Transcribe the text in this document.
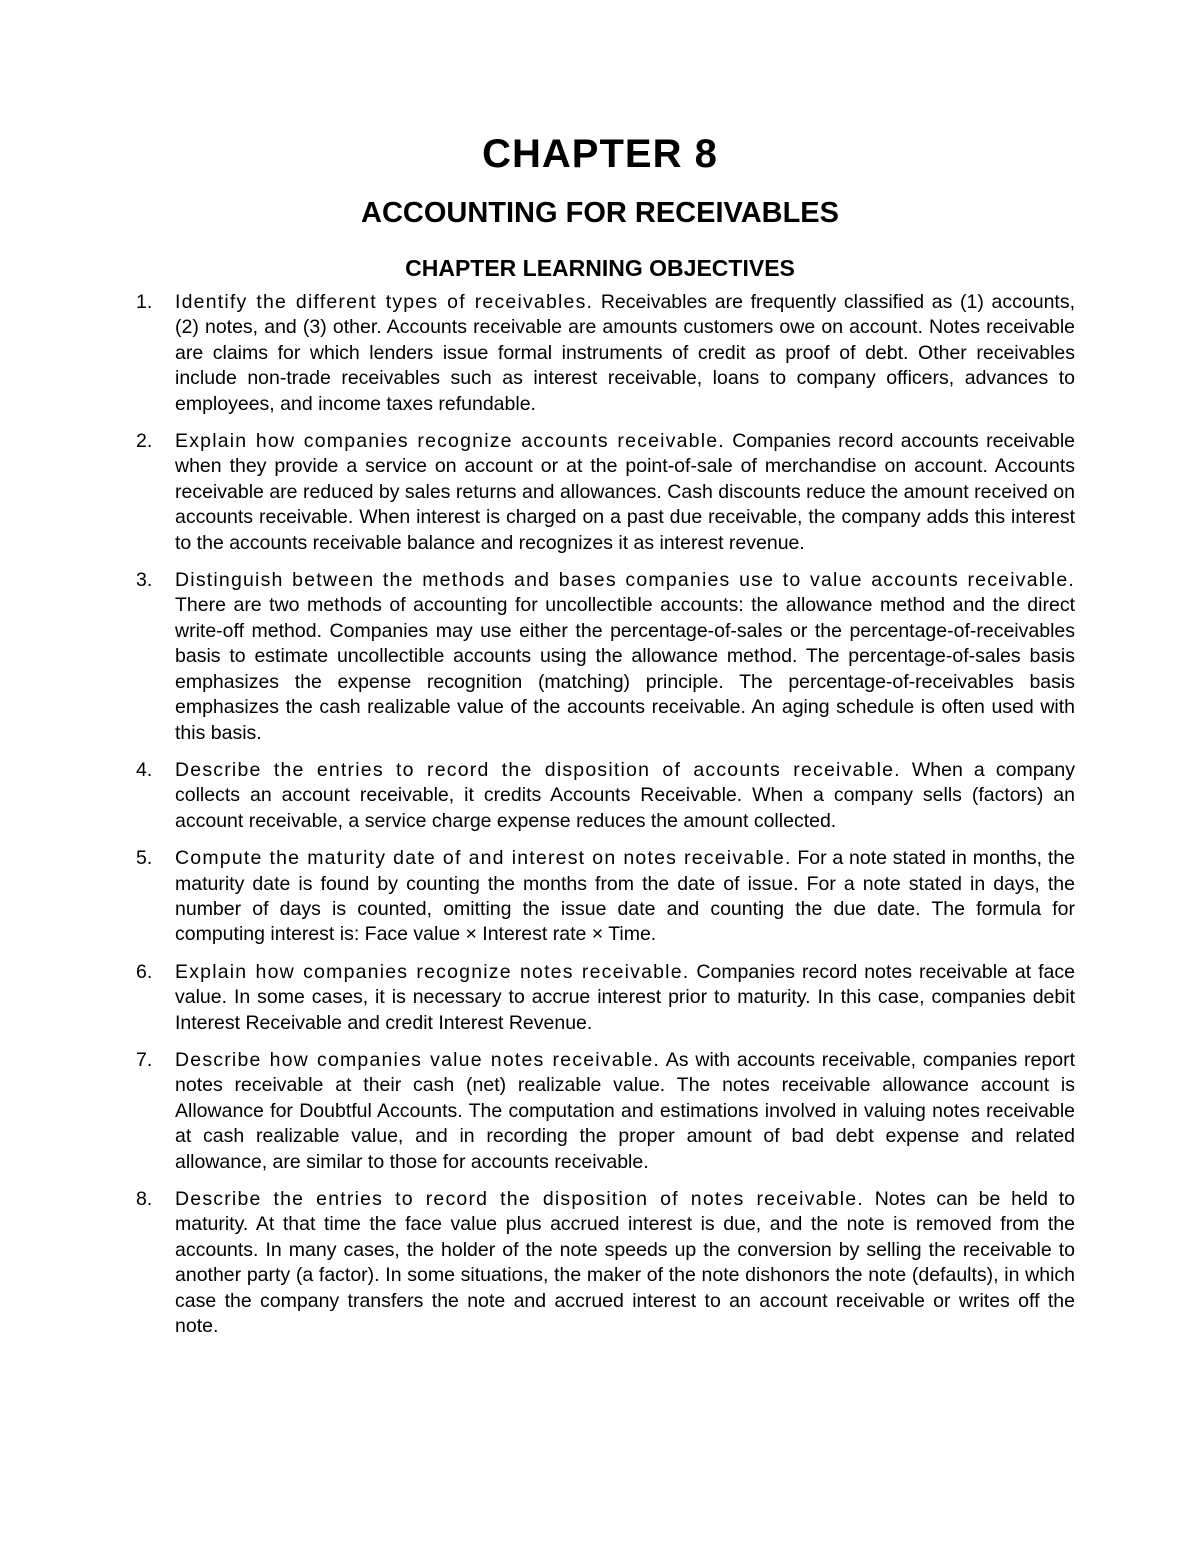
CHAPTER 8
ACCOUNTING FOR RECEIVABLES
CHAPTER LEARNING OBJECTIVES
1. Identify the different types of receivables. Receivables are frequently classified as (1) accounts, (2) notes, and (3) other. Accounts receivable are amounts customers owe on account. Notes receivable are claims for which lenders issue formal instruments of credit as proof of debt. Other receivables include non-trade receivables such as interest receivable, loans to company officers, advances to employees, and income taxes refundable.
2. Explain how companies recognize accounts receivable. Companies record accounts receivable when they provide a service on account or at the point-of-sale of merchandise on account. Accounts receivable are reduced by sales returns and allowances. Cash discounts reduce the amount received on accounts receivable. When interest is charged on a past due receivable, the company adds this interest to the accounts receivable balance and recognizes it as interest revenue.
3. Distinguish between the methods and bases companies use to value accounts receivable. There are two methods of accounting for uncollectible accounts: the allowance method and the direct write-off method. Companies may use either the percentage-of-sales or the percentage-of-receivables basis to estimate uncollectible accounts using the allowance method. The percentage-of-sales basis emphasizes the expense recognition (matching) principle. The percentage-of-receivables basis emphasizes the cash realizable value of the accounts receivable. An aging schedule is often used with this basis.
4. Describe the entries to record the disposition of accounts receivable. When a company collects an account receivable, it credits Accounts Receivable. When a company sells (factors) an account receivable, a service charge expense reduces the amount collected.
5. Compute the maturity date of and interest on notes receivable. For a note stated in months, the maturity date is found by counting the months from the date of issue. For a note stated in days, the number of days is counted, omitting the issue date and counting the due date. The formula for computing interest is: Face value × Interest rate × Time.
6. Explain how companies recognize notes receivable. Companies record notes receivable at face value. In some cases, it is necessary to accrue interest prior to maturity. In this case, companies debit Interest Receivable and credit Interest Revenue.
7. Describe how companies value notes receivable. As with accounts receivable, companies report notes receivable at their cash (net) realizable value. The notes receivable allowance account is Allowance for Doubtful Accounts. The computation and estimations involved in valuing notes receivable at cash realizable value, and in recording the proper amount of bad debt expense and related allowance, are similar to those for accounts receivable.
8. Describe the entries to record the disposition of notes receivable. Notes can be held to maturity. At that time the face value plus accrued interest is due, and the note is removed from the accounts. In many cases, the holder of the note speeds up the conversion by selling the receivable to another party (a factor). In some situations, the maker of the note dishonors the note (defaults), in which case the company transfers the note and accrued interest to an account receivable or writes off the note.
